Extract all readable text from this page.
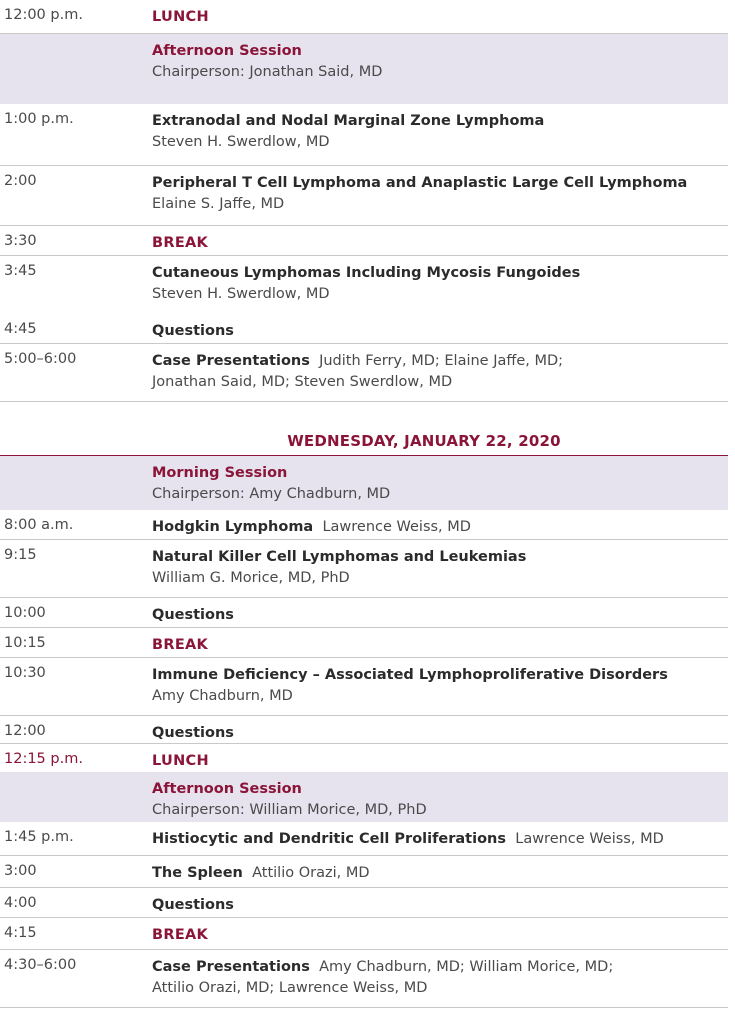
12:00 p.m.	LUNCH
Afternoon Session
Chairperson: Jonathan Said, MD
1:00 p.m.	Extranodal and Nodal Marginal Zone Lymphoma
Steven H. Swerdlow, MD
2:00	Peripheral T Cell Lymphoma and Anaplastic Large Cell Lymphoma
Elaine S. Jaffe, MD
3:30	BREAK
3:45	Cutaneous Lymphomas Including Mycosis Fungoides
Steven H. Swerdlow, MD
4:45	Questions
5:00–6:00	Case Presentations Judith Ferry, MD; Elaine Jaffe, MD;
Jonathan Said, MD; Steven Swerdlow, MD
Morning Session
Chairperson: Amy Chadburn, MD
8:00 a.m.	Hodgkin Lymphoma Lawrence Weiss, MD
9:15	Natural Killer Cell Lymphomas and Leukemias
William G. Morice, MD, PhD
10:00	Questions
10:15	BREAK
10:30	Immune Deficiency – Associated Lymphoproliferative Disorders
Amy Chadburn, MD
12:00	Questions
12:15 p.m.	LUNCH
Afternoon Session
Chairperson: William Morice, MD, PhD
1:45 p.m.	Histiocytic and Dendritic Cell Proliferations Lawrence Weiss, MD
3:00	The Spleen Attilio Orazi, MD
4:00	Questions
4:15	BREAK
4:30–6:00	Case Presentations Amy Chadburn, MD; William Morice, MD;
Attilio Orazi, MD; Lawrence Weiss, MD
WEDNESDAY, JANUARY 22, 2020
